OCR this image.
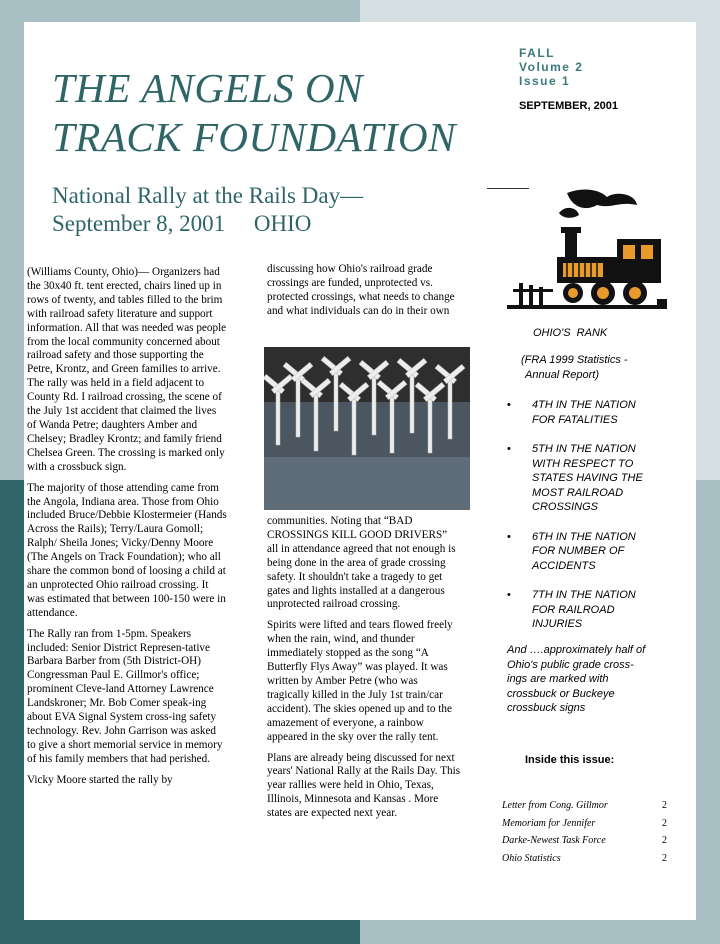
THE ANGELS ON
TRACK FOUNDATION
FALL
Volume 2
Issue 1
SEPTEMBER, 2001
National Rally at the Rails Day—
September 8, 2001     OHIO

(Williams County, Ohio)— Organizers had the 30x40 ft. tent erected, chairs lined up in rows of twenty, and tables filled to the brim with railroad safety literature and support information. All that was needed was people from the local community concerned about railroad safety and those supporting the Petre, Krontz, and Green families to arrive. The rally was held in a field adjacent to County Rd. I railroad crossing, the scene of the July 1st accident that claimed the lives of Wanda Petre; daughters Amber and Chelsey; Bradley Krontz; and family friend Chelsea Green. The crossing is marked only with a crossbuck sign.

The majority of those attending came from the Angola, Indiana area. Those from Ohio included Bruce/Debbie Klostermeier (Hands Across the Rails); Terry/Laura Gomoll; Ralph/ Sheila Jones; Vicky/Denny Moore (The Angels on Track Foundation); who all share the common bond of loosing a child at an unprotected Ohio railroad crossing. It was estimated that between 100-150 were in attendance.

The Rally ran from 1-5pm. Speakers included: Senior District Represen-tative Barbara Barber from (5th District-OH) Congressman Paul E. Gillmor's office; prominent Cleve-land Attorney Lawrence Landskroner; Mr. Bob Comer speak-ing about EVA Signal System cross-ing safety technology. Rev. John Garrison was asked to give a short memorial service in memory of his family members that had perished.

Vicky Moore started the rally by

discussing how Ohio's railroad grade crossings are funded, unprotected vs. protected crossings, what needs to change and what individuals can do in their own

communities. Noting that “BAD CROSSINGS KILL GOOD DRIVERS” all in attendance agreed that not enough is being done in the area of grade crossing safety. It shouldn't take a tragedy to get gates and lights installed at a dangerous unprotected railroad crossing.

Spirits were lifted and tears flowed freely when the rain, wind, and thunder immediately stopped as the song “A Butterfly Flys Away” was played. It was written by Amber Petre (who was tragically killed in the July 1st train/car accident). The skies opened up and to the amazement of everyone, a rainbow appeared in the sky over the rally tent.

Plans are already being discussed for next years' National Rally at the Rails Day. This year rallies were held in Ohio, Texas, Illinois, Minnesota and Kansas . More states are expected next year.

OHIO'S  RANK
(FRA 1999 Statistics -
Annual Report)
• 4TH IN THE NATION
FOR FATALITIES
• 5TH IN THE NATION
WITH RESPECT TO
STATES HAVING THE
MOST RAILROAD
CROSSINGS
• 6TH IN THE NATION
FOR NUMBER OF
ACCIDENTS
• 7TH IN THE NATION
FOR RAILROAD
INJURIES
And ….approximately half of
Ohio's public grade cross-
ings are marked with
crossbuck or Buckeye
crossbuck signs
Inside this issue:
Letter from Cong. Gillmor	2
Memoriam for Jennifer	2
Darke-Newest Task Force	2
Ohio Statistics	2
